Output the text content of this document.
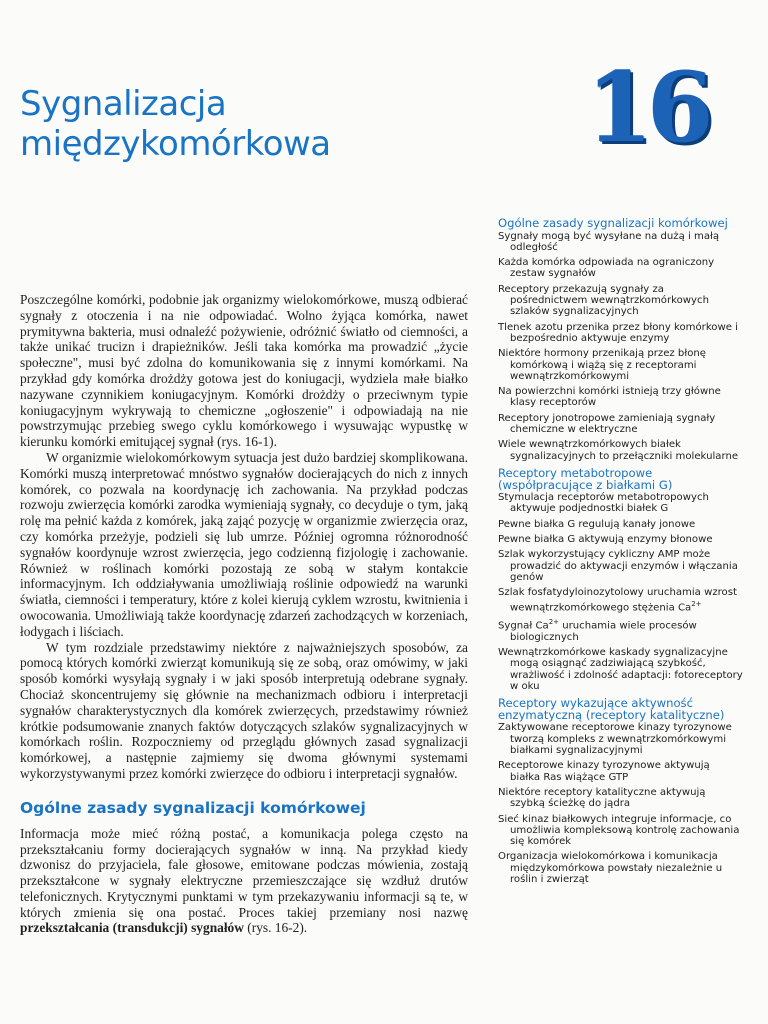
Sygnalizacja
międzykomórkowa	16
Ogólne zasady sygnalizacji komórkowej
Sygnały mogą być wysyłane na dużą i małą odległość
Każda komórka odpowiada na ograniczony zestaw sygnałów
Receptory przekazują sygnały za pośrednictwem wewnątrzkomórkowych szlaków sygnalizacyjnych
Tlenek azotu przenika przez błony komórkowe i bezpośrednio aktywuje enzymy
Niektóre hormony przenikają przez błonę komórkową i wiążą się z receptorami wewnątrzkomórkowymi
Na powierzchni komórki istnieją trzy główne klasy receptorów
Receptory jonotropowe zamieniają sygnały chemiczne w elektryczne
Wiele wewnątrzkomórkowych białek sygnalizacyjnych to przełączniki molekularne
Receptory metabotropowe (współpracujące z białkami G)
Stymulacja receptorów metabotropowych aktywuje podjednostki białek G
Pewne białka G regulują kanały jonowe
Pewne białka G aktywują enzymy błonowe
Szlak wykorzystujący cykliczny AMP może prowadzić do aktywacji enzymów i włączania genów
Szlak fosfatydyloinozytolowy uruchamia wzrost wewnątrzkomórkowego stężenia $Ca^{2+}$
Sygnał $Ca^{2+}$ uruchamia wiele procesów biologicznych
Wewnątrzkomórkowe kaskady sygnalizacyjne mogą osiągnąć zadziwiającą szybkość, wrażliwość i zdolność adaptacji: fotoreceptory w oku
Receptory wykazujące aktywność enzymatyczną (receptory katalityczne)
Zaktywowane receptorowe kinazy tyrozynowe tworzą kompleks z wewnątrzkomórkowymi białkami sygnalizacyjnymi
Receptorowe kinazy tyrozynowe aktywują białka Ras wiążące GTP
Niektóre receptory katalityczne aktywują szybką ścieżkę do jądra
Sieć kinaz białkowych integruje informacje, co umożliwia kompleksową kontrolę zachowania się komórek
Organizacja wielokomórkowa i komunikacja międzykomórkowa powstały niezależnie u roślin i zwierząt

Poszczególne komórki, podobnie jak organizmy wielokomórkowe, muszą odbierać sygnały z otoczenia i na nie odpowiadać. Wolno żyjąca komórka, nawet prymitywna bakteria, musi odnaleźć pożywienie, odróżnić światło od ciemności, a także unikać trucizn i drapieżników. Jeśli taka komórka ma prowadzić „życie społeczne", musi być zdolna do komunikowania się z innymi komórkami. Na przykład gdy komórka drożdży gotowa jest do koniugacji, wydziela małe białko nazywane czynnikiem koniugacyjnym. Komórki drożdży o przeciwnym typie koniugacyjnym wykrywają to chemiczne „ogłoszenie" i odpowiadają na nie powstrzymując przebieg swego cyklu komórkowego i wysuwając wypustkę w kierunku komórki emitującej sygnał (rys. 16-1).

W organizmie wielokomórkowym sytuacja jest dużo bardziej skomplikowana. Komórki muszą interpretować mnóstwo sygnałów docierających do nich z innych komórek, co pozwala na koordynację ich zachowania. Na przykład podczas rozwoju zwierzęcia komórki zarodka wymieniają sygnały, co decyduje o tym, jaką rolę ma pełnić każda z komórek, jaką zająć pozycję w organizmie zwierzęcia oraz, czy komórka przeżyje, podzieli się lub umrze. Później ogromna różnorodność sygnałów koordynuje wzrost zwierzęcia, jego codzienną fizjologię i zachowanie. Również w roślinach komórki pozostają ze sobą w stałym kontakcie informacyjnym. Ich oddziaływania umożliwiają roślinie odpowiedź na warunki światła, ciemności i temperatury, które z kolei kierują cyklem wzrostu, kwitnienia i owocowania. Umożliwiają także koordynację zdarzeń zachodzących w korzeniach, łodygach i liściach.

W tym rozdziale przedstawimy niektóre z najważniejszych sposobów, za pomocą których komórki zwierząt komunikują się ze sobą, oraz omówimy, w jaki sposób komórki wysyłają sygnały i w jaki sposób interpretują odebrane sygnały. Chociaż skoncentrujemy się głównie na mechanizmach odbioru i interpretacji sygnałów charakterystycznych dla komórek zwierzęcych, przedstawimy również krótkie podsumowanie znanych faktów dotyczących szlaków sygnalizacyjnych w komórkach roślin. Rozpoczniemy od przeglądu głównych zasad sygnalizacji komórkowej, a następnie zajmiemy się dwoma głównymi systemami wykorzystywanymi przez komórki zwierzęce do odbioru i interpretacji sygnałów.

Ogólne zasady sygnalizacji komórkowej

Informacja może mieć różną postać, a komunikacja polega często na przekształcaniu formy docierających sygnałów w inną. Na przykład kiedy dzwonisz do przyjaciela, fale głosowe, emitowane podczas mówienia, zostają przekształcone w sygnały elektryczne przemieszczające się wzdłuż drutów telefonicznych. Krytycznymi punktami w tym przekazywaniu informacji są te, w których zmienia się ona postać. Proces takiej przemiany nosi nazwę przekształcania (transdukcji) sygnałów (rys. 16-2).
